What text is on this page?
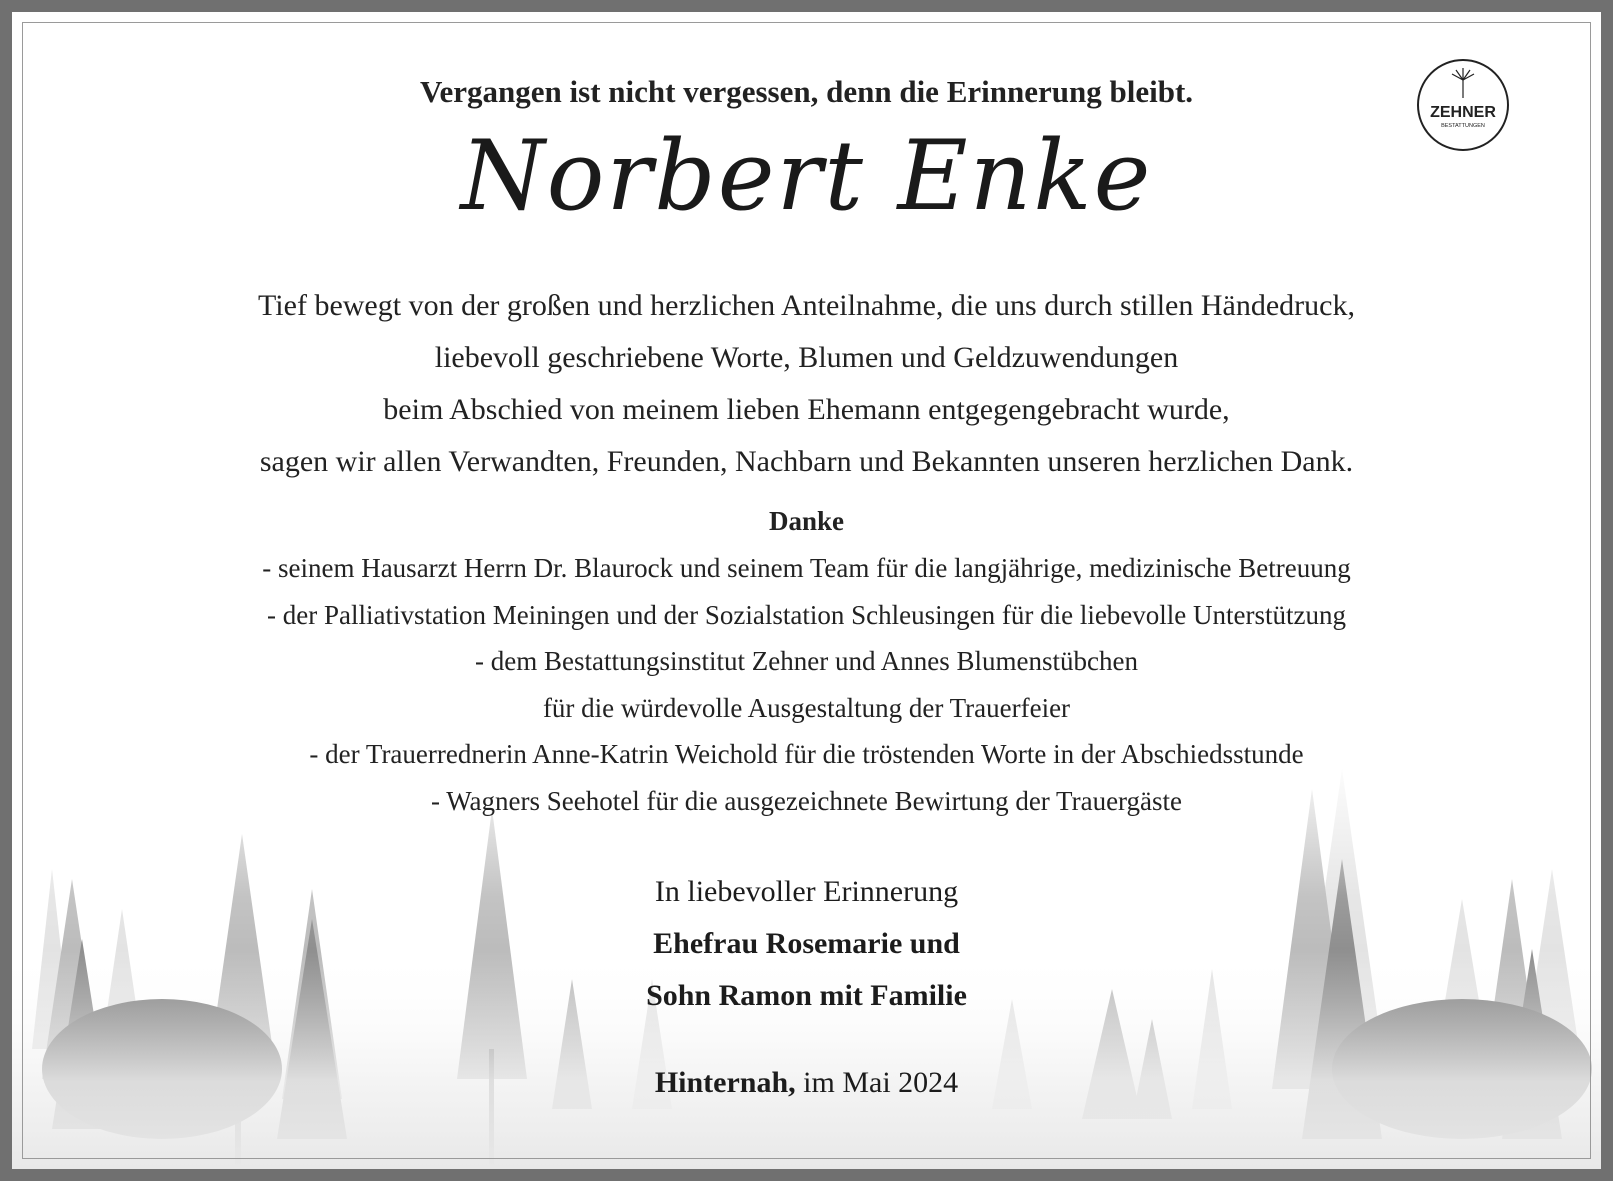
ZEHNER
BESTATTUNGEN
Vergangen ist nicht vergessen, denn die Erinnerung bleibt.
Norbert Enke
Tief bewegt von der großen und herzlichen Anteilnahme, die uns durch stillen Händedruck,
liebevoll geschriebene Worte, Blumen und Geldzuwendungen
beim Abschied von meinem lieben Ehemann entgegengebracht wurde,
sagen wir allen Verwandten, Freunden, Nachbarn und Bekannten unseren herzlichen Dank.
Danke
- seinem Hausarzt Herrn Dr. Blaurock und seinem Team für die langjährige, medizinische Betreuung
- der Palliativstation Meiningen und der Sozialstation Schleusingen für die liebevolle Unterstützung
- dem Bestattungsinstitut Zehner und Annes Blumenstübchen
für die würdevolle Ausgestaltung der Trauerfeier
- der Trauerrednerin Anne-Katrin Weichold für die tröstenden Worte in der Abschiedsstunde
- Wagners Seehotel für die ausgezeichnete Bewirtung der Trauergäste
In liebevoller Erinnerung
Ehefrau Rosemarie und
Sohn Ramon mit Familie
Hinternah, im Mai 2024
